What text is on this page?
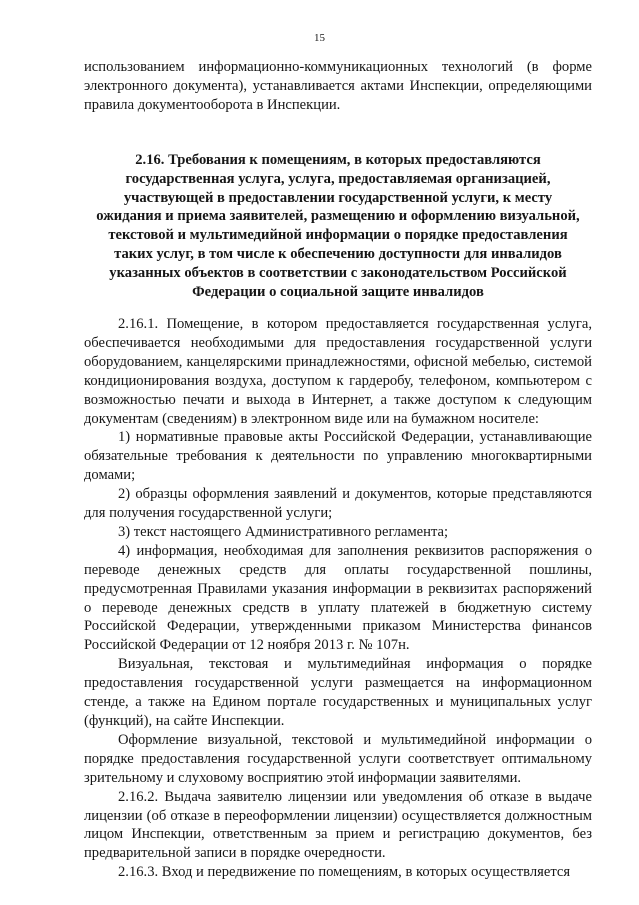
15

использованием информационно-коммуникационных технологий (в форме электронного документа), устанавливается актами Инспекции, определяющими правила документооборота в Инспекции.

2.16. Требования к помещениям, в которых предоставляются государственная услуга, услуга, предоставляемая организацией, участвующей в предоставлении государственной услуги, к месту ожидания и приема заявителей, размещению и оформлению визуальной, текстовой и мультимедийной информации о порядке предоставления таких услуг, в том числе к обеспечению доступности для инвалидов указанных объектов в соответствии с законодательством Российской Федерации о социальной защите инвалидов

2.16.1. Помещение, в котором предоставляется государственная услуга, обеспечивается необходимыми для предоставления государственной услуги оборудованием, канцелярскими принадлежностями, офисной мебелью, системой кондиционирования воздуха, доступом к гардеробу, телефоном, компьютером с возможностью печати и выхода в Интернет, а также доступом к следующим документам (сведениям) в электронном виде или на бумажном носителе:

1) нормативные правовые акты Российской Федерации, устанавливающие обязательные требования к деятельности по управлению многоквартирными домами;

2) образцы оформления заявлений и документов, которые представляются для получения государственной услуги;

3) текст настоящего Административного регламента;

4) информация, необходимая для заполнения реквизитов распоряжения о переводе денежных средств для оплаты государственной пошлины, предусмотренная Правилами указания информации в реквизитах распоряжений о переводе денежных средств в уплату платежей в бюджетную систему Российской Федерации, утвержденными приказом Министерства финансов Российской Федерации от 12 ноября 2013 г. № 107н.

Визуальная, текстовая и мультимедийная информация о порядке предоставления государственной услуги размещается на информационном стенде, а также на Едином портале государственных и муниципальных услуг (функций), на сайте Инспекции.

Оформление визуальной, текстовой и мультимедийной информации о порядке предоставления государственной услуги соответствует оптимальному зрительному и слуховому восприятию этой информации заявителями.

2.16.2. Выдача заявителю лицензии или уведомления об отказе в выдаче лицензии (об отказе в переоформлении лицензии) осуществляется должностным лицом Инспекции, ответственным за прием и регистрацию документов, без предварительной записи в порядке очередности.

2.16.3. Вход и передвижение по помещениям, в которых осуществляется
